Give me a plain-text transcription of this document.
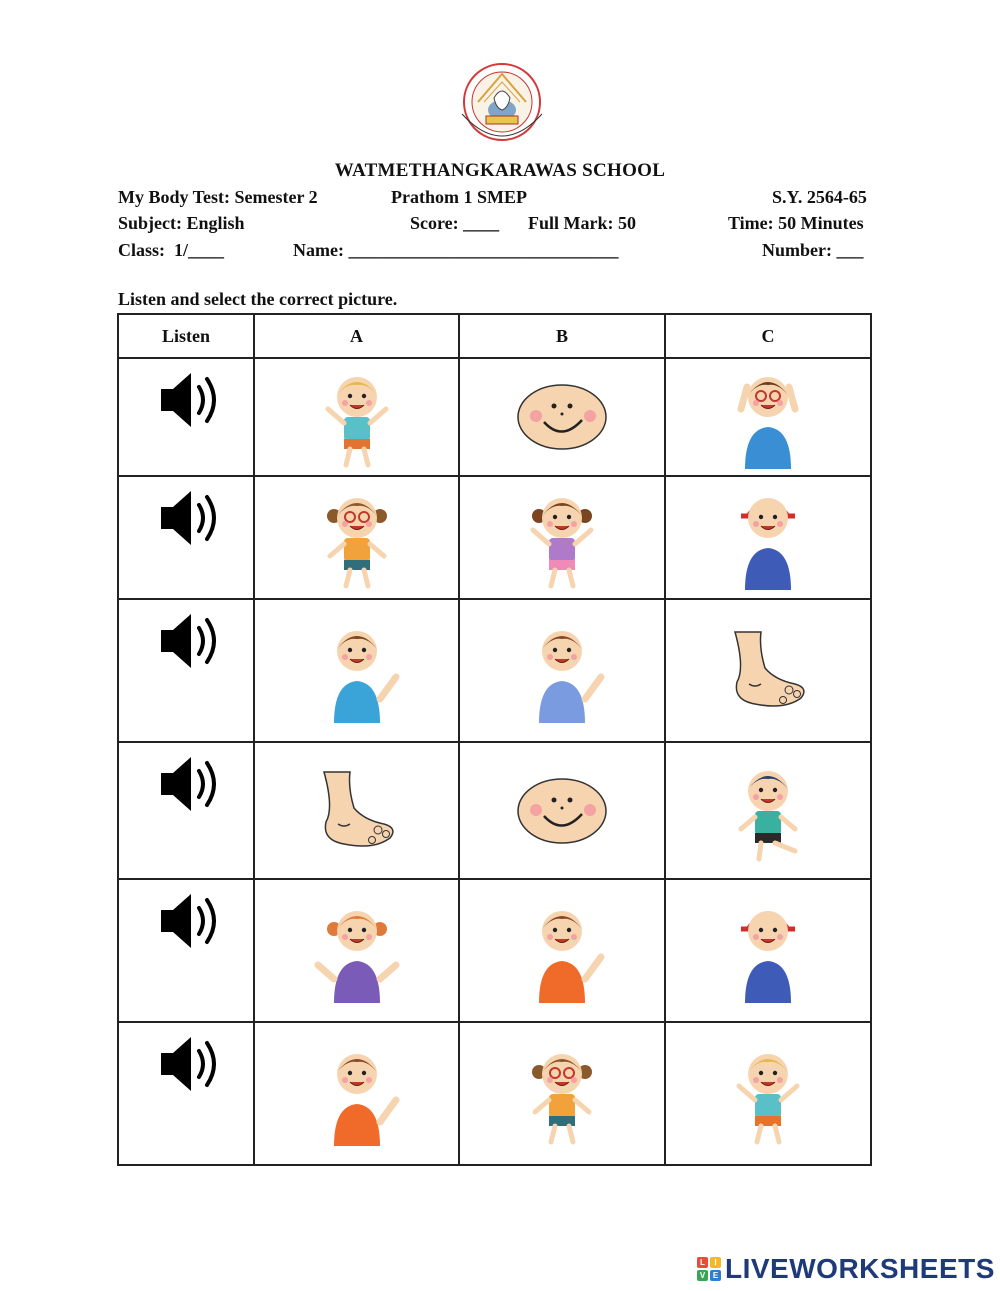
WATMETHANGKARAWAS SCHOOL
My Body Test: Semester 2	Prathom 1 SMEP	S.Y. 2564-65
Subject: English	Score: ____ Full Mark: 50	Time: 50 Minutes
Class:  1/____	Name: ______________________________	Number: ___
Listen and select the correct picture.
Listen	A	B	C

L	I
V E LIVEWORKSHEETS
